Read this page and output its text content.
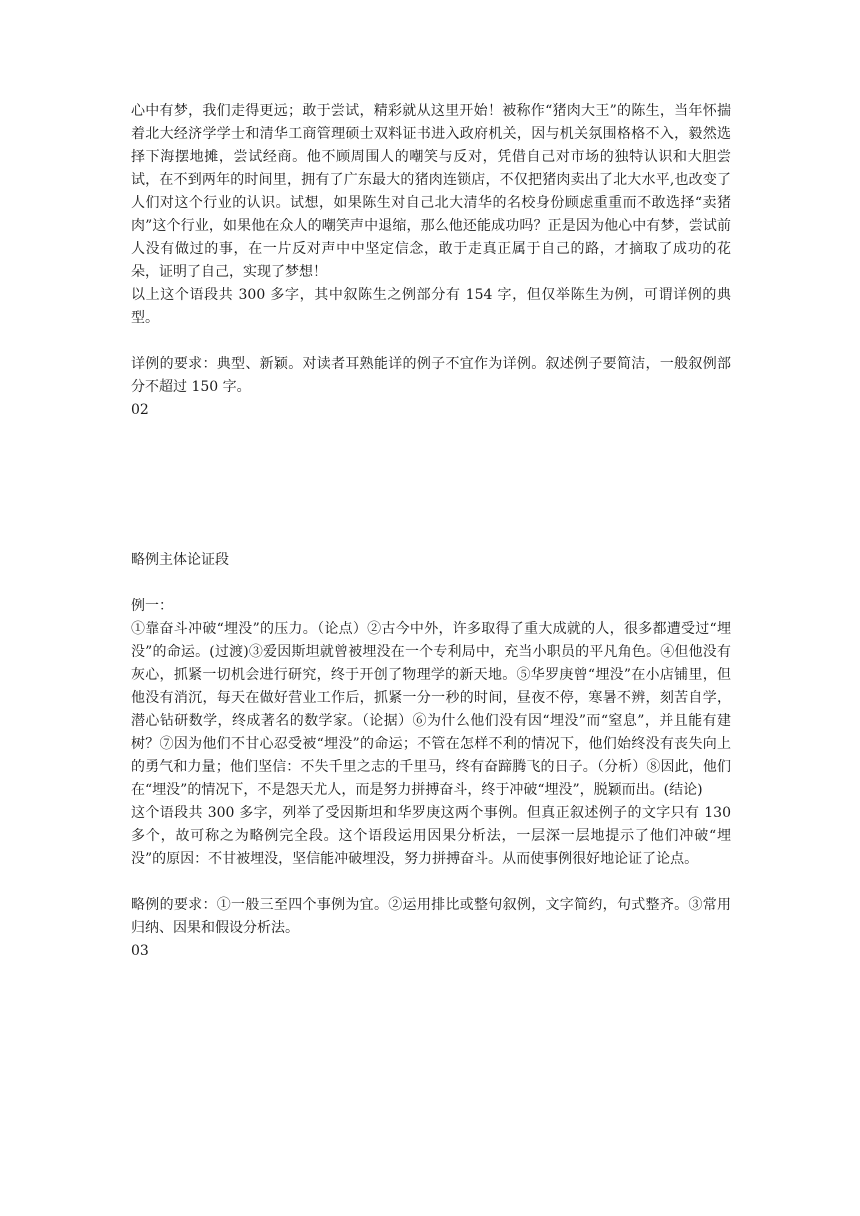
心中有梦，我们走得更远；敢于尝试，精彩就从这里开始！被称作“猪肉大王”的陈生，当年怀揣着北大经济学学士和清华工商管理硕士双料证书进入政府机关，因与机关氛围格格不入，毅然选择下海摆地摊，尝试经商。他不顾周围人的嘲笑与反对，凭借自己对市场的独特认识和大胆尝试，在不到两年的时间里，拥有了广东最大的猪肉连锁店，不仅把猪肉卖出了北大水平,也改变了人们对这个行业的认识。试想，如果陈生对自己北大清华的名校身份顾虑重重而不敢选择“卖猪肉”这个行业，如果他在众人的嘲笑声中退缩，那么他还能成功吗？正是因为他心中有梦，尝试前人没有做过的事，在一片反对声中中坚定信念，敢于走真正属于自己的路，才摘取了成功的花朵，证明了自己，实现了梦想！

以上这个语段共 300 多字，其中叙陈生之例部分有 154 字，但仅举陈生为例，可谓详例的典型。

详例的要求：典型、新颖。对读者耳熟能详的例子不宜作为详例。叙述例子要简洁，一般叙例部分不超过 150 字。

02

略例主体论证段

例一：

①靠奋斗冲破“埋没”的压力。（论点）②古今中外，许多取得了重大成就的人，很多都遭受过“埋没”的命运。(过渡)③爱因斯坦就曾被埋没在一个专利局中，充当小职员的平凡角色。④但他没有灰心，抓紧一切机会进行研究，终于开创了物理学的新天地。⑤华罗庚曾“埋没”在小店铺里，但他没有消沉，每天在做好营业工作后，抓紧一分一秒的时间，昼夜不停，寒暑不辨，刻苦自学，潜心钻研数学，终成著名的数学家。（论据）⑥为什么他们没有因“埋没”而“窒息”，并且能有建树？⑦因为他们不甘心忍受被“埋没”的命运；不管在怎样不利的情况下，他们始终没有丧失向上的勇气和力量；他们坚信：不失千里之志的千里马，终有奋蹄腾飞的日子。（分析）⑧因此，他们在“埋没”的情况下，不是怨天尤人，而是努力拼搏奋斗，终于冲破“埋没”，脱颖而出。(结论)

这个语段共 300 多字，列举了受因斯坦和华罗庚这两个事例。但真正叙述例子的文字只有 130 多个，故可称之为略例完全段。这个语段运用因果分析法，一层深一层地提示了他们冲破“埋没”的原因：不甘被埋没，坚信能冲破埋没，努力拼搏奋斗。从而使事例很好地论证了论点。

略例的要求：①一般三至四个事例为宜。②运用排比或整句叙例，文字简约，句式整齐。③常用归纳、因果和假设分析法。

03
